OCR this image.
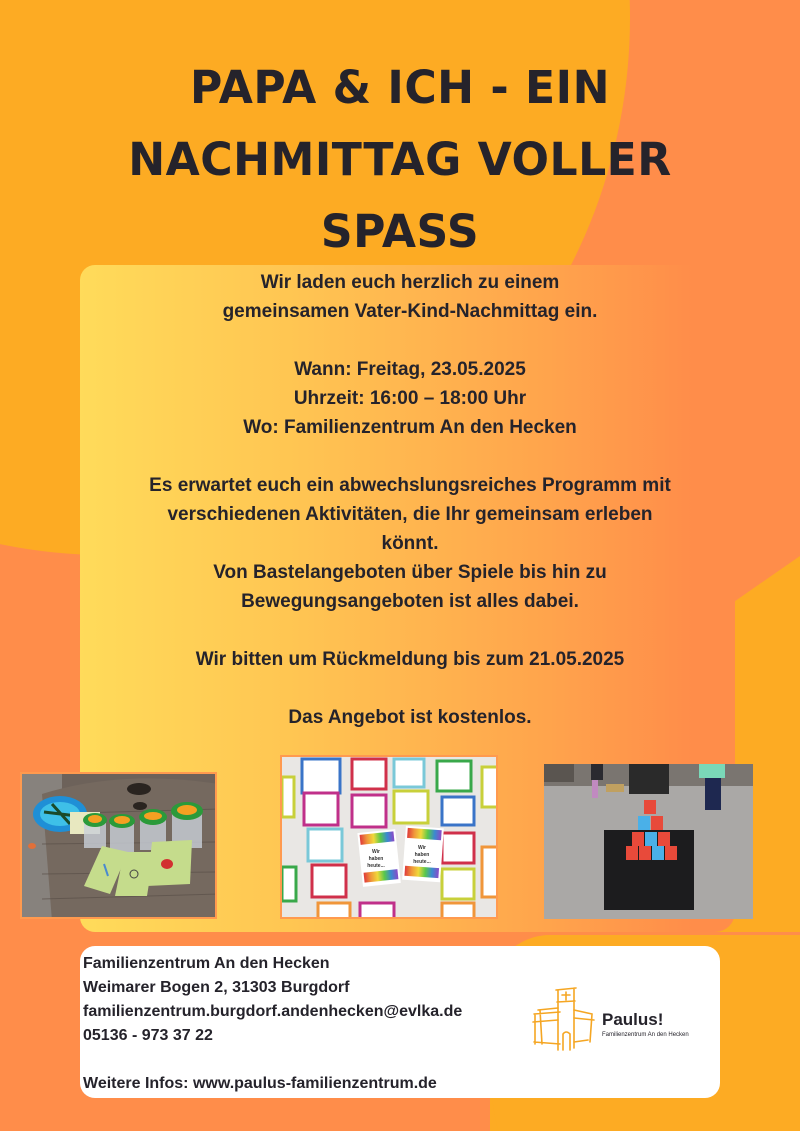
PAPA & ICH - EIN
NACHMITTAG VOLLER
SPASS

Wir laden euch herzlich zu einem

gemeinsamen Vater-Kind-Nachmittag ein.

Wann: Freitag, 23.05.2025

Uhrzeit: 16:00 – 18:00 Uhr

Wo: Familienzentrum An den Hecken

Es erwartet euch ein abwechslungsreiches Programm mit

verschiedenen Aktivitäten, die Ihr gemeinsam erleben

könnt.

Von Bastelangeboten über Spiele bis hin zu

Bewegungsangeboten ist alles dabei.

Wir bitten um Rückmeldung bis zum 21.05.2025

Das Angebot ist kostenlos.

Wir
haben
heute...
Wir
haben
heute...
Familienzentrum An den Hecken
Weimarer Bogen 2, 31303 Burgdorf
familienzentrum.burgdorf.andenhecken@evlka.de
05136 - 973 37 22
Weitere Infos: www.paulus-familienzentrum.de
Paulus!
Familienzentrum An den Hecken
